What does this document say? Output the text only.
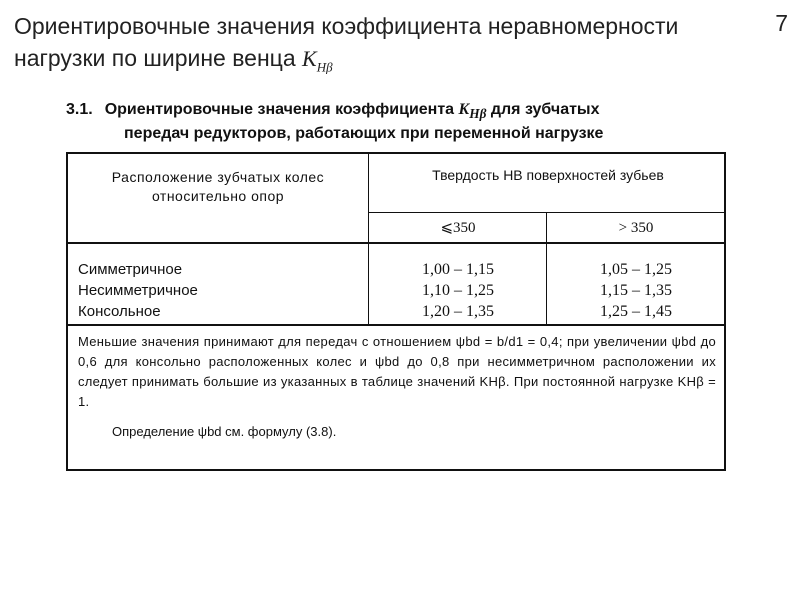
Ориентировочные значения коэффициента неравномерности нагрузки по ширине венца $K_{H\beta}$
7
3.1. Ориентировочные значения коэффициента $K_{H\beta}$ для зубчатых
передач редукторов, работающих при переменной нагрузке
Расположение зубчатых колес относительно опор
Твердость HB поверхностей зубьев
⩽350	> 350
Симметричное	1,00 – 1,15	1,05 – 1,25
Несимметричное	1,10 – 1,25	1,15 – 1,35
Консольное	1,20 – 1,35	1,25 – 1,45
Меньшие значения принимают для передач с отношением ψbd = b/d1 = 0,4; при увеличении ψbd до 0,6 для консольно расположенных колес и ψbd до 0,8 при несимметричном расположении их следует принимать большие из указанных в таблице значений KHβ. При постоянной нагрузке KHβ = 1.
Определение ψbd см. формулу (3.8).
